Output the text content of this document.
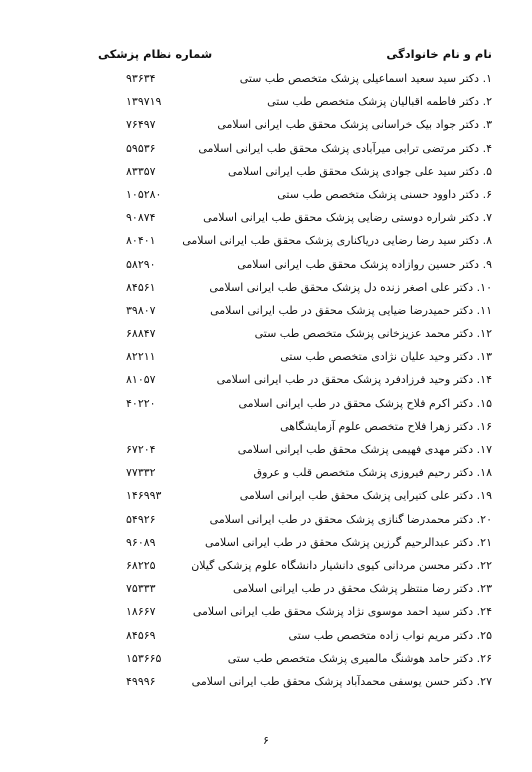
نام و نام خانوادگی
شماره نظام پزشکی
۱. دکتر سید سعید اسماعیلی پزشک متخصص طب ستی
۹۳۶۳۴
۲. دکتر فاطمه اقبالیان پزشک متخصص طب ستی
۱۳۹۷۱۹
۳. دکتر جواد بیک خراسانی پزشک محقق طب ایرانی اسلامی
۷۶۴۹۷
۴. دکتر مرتضی ترابی میرآبادی پزشک محقق طب ایرانی اسلامی
۵۹۵۳۶
۵. دکتر سید علی جوادی پزشک محقق طب ایرانی اسلامی
۸۳۳۵۷
۶. دکتر داوود حسنی پزشک متخصص طب ستی
۱۰۵۲۸۰
۷. دکتر شراره دوستی رضایی پزشک محقق طب ایرانی اسلامی
۹۰۸۷۴
۸. دکتر سید رضا رضایی دریاکناری پزشک محقق طب ایرانی اسلامی
۸۰۴۰۱
۹. دکتر حسین روازاده پزشک محقق طب ایرانی اسلامی
۵۸۲۹۰
۱۰. دکتر علی اصغر زنده دل پزشک محقق طب ایرانی اسلامی
۸۴۵۶۱
۱۱. دکتر حمیدرضا ضیایی پزشک محقق در طب ایرانی اسلامی
۳۹۸۰۷
۱۲. دکتر محمد عزیزخانی پزشک متخصص طب ستی
۶۸۸۴۷
۱۳. دکتر وحید علیان نژادی متخصص طب ستی
۸۲۲۱۱
۱۴. دکتر وحید فرزادفرد پزشک محقق در طب ایرانی اسلامی
۸۱۰۵۷
۱۵. دکتر اکرم فلاح پزشک محقق در طب ایرانی اسلامی
۴۰۲۲۰
۱۶. دکتر زهرا فلاح متخصص علوم آزمایشگاهی
۱۷. دکتر مهدی فهیمی پزشک محقق طب ایرانی اسلامی
۶۷۲۰۴
۱۸. دکتر رحیم فیروزی پزشک متخصص قلب و عروق
۷۷۳۳۲
۱۹. دکتر علی کتیرایی پزشک محقق طب ایرانی اسلامی
۱۴۶۹۹۳
۲۰. دکتر محمدرضا گنازی پزشک محقق در طب ایرانی اسلامی
۵۴۹۲۶
۲۱. دکتر عبدالرحیم گرزین پزشک محقق در طب ایرانی اسلامی
۹۶۰۸۹
۲۲. دکتر محسن مردانی کیوی دانشیار دانشگاه علوم پزشکی گیلان
۶۸۲۲۵
۲۳. دکتر رضا منتظر پزشک محقق در طب ایرانی اسلامی
۷۵۳۳۳
۲۴. دکتر سید احمد موسوی نژاد پزشک محقق طب ایرانی اسلامی
۱۸۶۶۷
۲۵. دکتر مریم نواب زاده متخصص طب ستی
۸۴۵۶۹
۲۶. دکتر حامد هوشنگ مالمیری پزشک متخصص طب ستی
۱۵۳۶۶۵
۲۷. دکتر حسن یوسفی محمدآباد پزشک محقق طب ایرانی اسلامی
۴۹۹۹۶
۶
